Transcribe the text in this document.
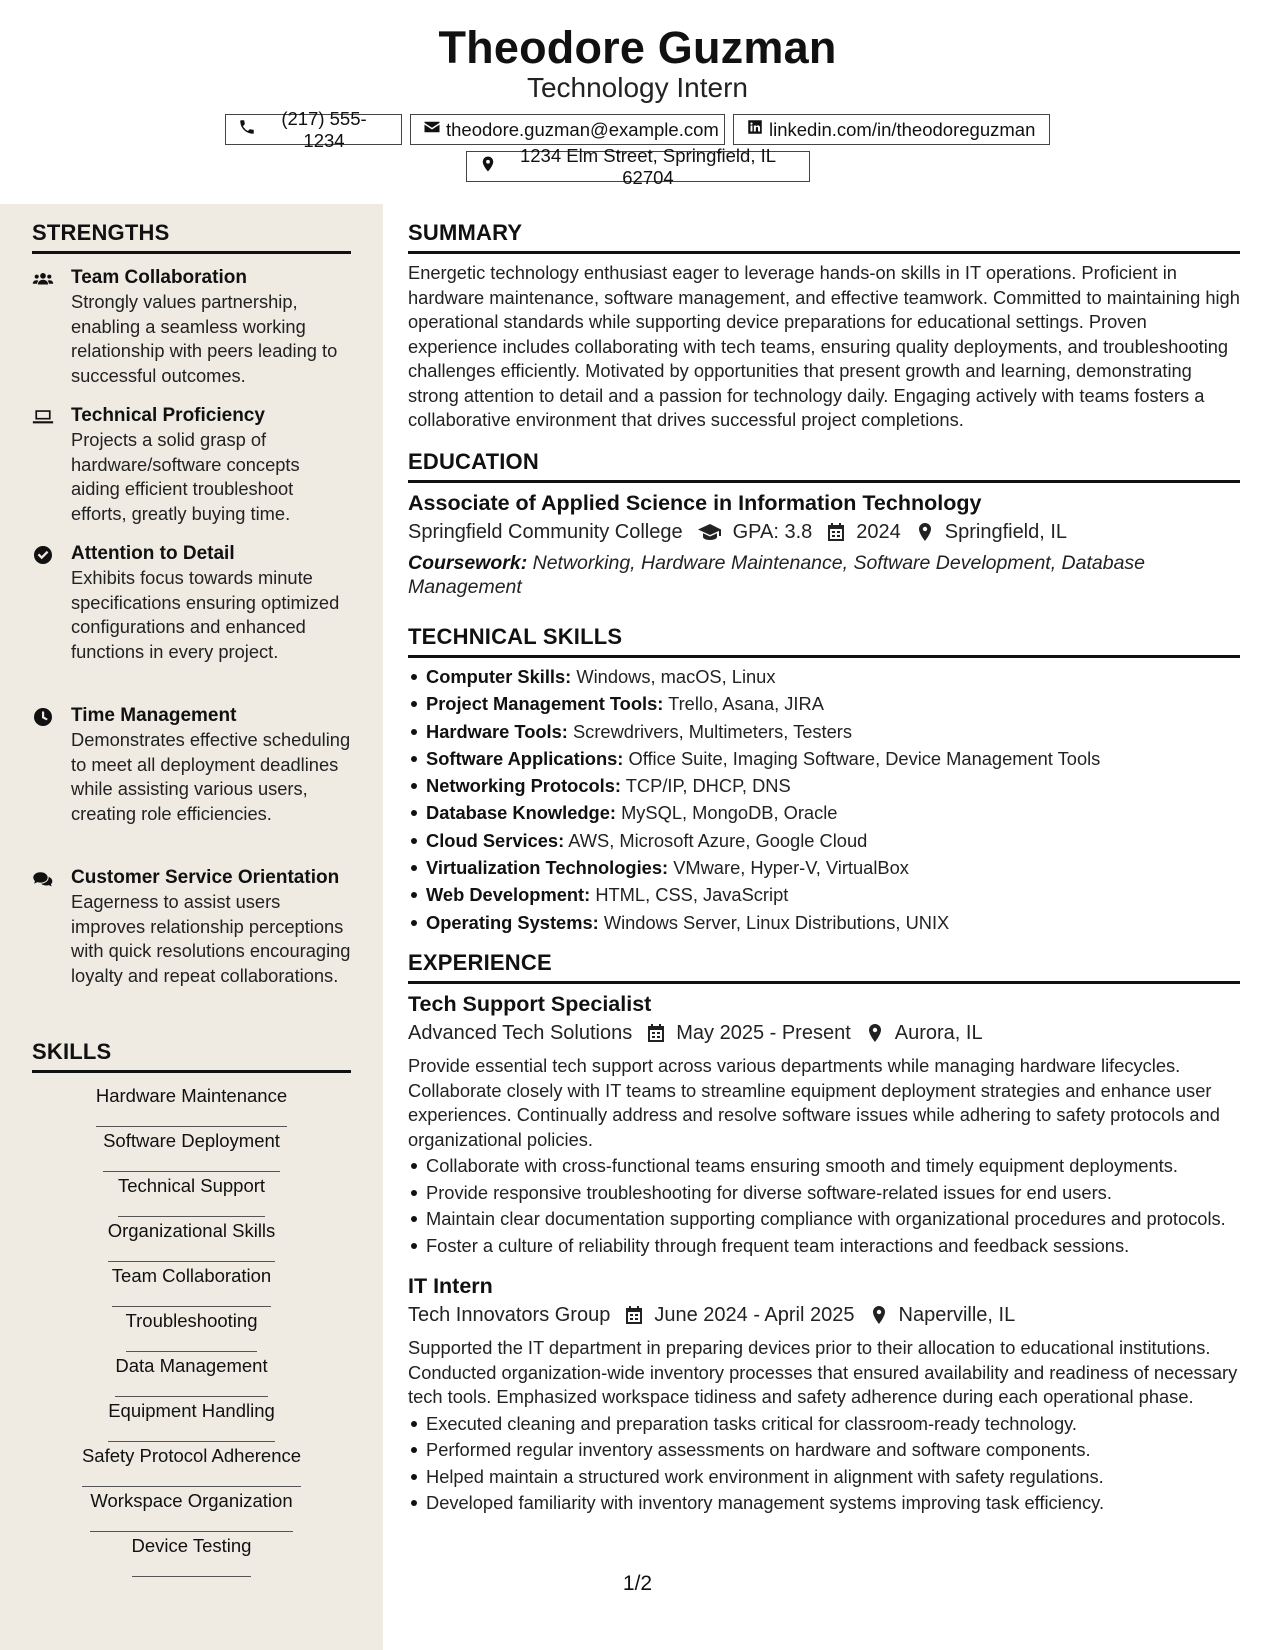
Theodore Guzman
Technology Intern
(217) 555-1234
theodore.guzman@example.com	linkedin.com/in/theodoreguzman
1234 Elm Street, Springfield, IL 62704
STRENGTHS
Team Collaboration
Strongly values partnership, enabling a seamless working relationship with peers leading to successful outcomes.
Technical Proficiency
Projects a solid grasp of hardware/software concepts aiding efficient troubleshoot efforts, greatly buying time.
Attention to Detail
Exhibits focus towards minute specifications ensuring optimized configurations and enhanced functions in every project.
Time Management
Demonstrates effective scheduling to meet all deployment deadlines while assisting various users, creating role efficiencies.
Customer Service Orientation
Eagerness to assist users improves relationship perceptions with quick resolutions encouraging loyalty and repeat collaborations.
SKILLS
Hardware Maintenance
Software Deployment
Technical Support
Organizational Skills
Team Collaboration
Troubleshooting
Data Management
Equipment Handling
Safety Protocol Adherence
Workspace Organization
Device Testing
SUMMARY
Energetic technology enthusiast eager to leverage hands-on skills in IT operations. Proficient in hardware maintenance, software management, and effective teamwork. Committed to maintaining high operational standards while supporting device preparations for educational settings. Proven experience includes collaborating with tech teams, ensuring quality deployments, and troubleshooting challenges efficiently. Motivated by opportunities that present growth and learning, demonstrating strong attention to detail and a passion for technology daily. Engaging actively with teams fosters a collaborative environment that drives successful project completions.
EDUCATION
Associate of Applied Science in Information Technology
Springfield Community College	GPA: 3.8 2024 Springfield, IL
Coursework: Networking, Hardware Maintenance, Software Development, Database Management
TECHNICAL SKILLS
Computer Skills: Windows, macOS, Linux
Project Management Tools: Trello, Asana, JIRA
Hardware Tools: Screwdrivers, Multimeters, Testers
Software Applications: Office Suite, Imaging Software, Device Management Tools
Networking Protocols: TCP/IP, DHCP, DNS
Database Knowledge: MySQL, MongoDB, Oracle
Cloud Services: AWS, Microsoft Azure, Google Cloud
Virtualization Technologies: VMware, Hyper-V, VirtualBox
Web Development: HTML, CSS, JavaScript
Operating Systems: Windows Server, Linux Distributions, UNIX
EXPERIENCE
Tech Support Specialist
Advanced Tech Solutions May 2025 - Present Aurora, IL
Provide essential tech support across various departments while managing hardware lifecycles. Collaborate closely with IT teams to streamline equipment deployment strategies and enhance user experiences. Continually address and resolve software issues while adhering to safety protocols and organizational policies.
Collaborate with cross-functional teams ensuring smooth and timely equipment deployments.
Provide responsive troubleshooting for diverse software-related issues for end users.
Maintain clear documentation supporting compliance with organizational procedures and protocols.
Foster a culture of reliability through frequent team interactions and feedback sessions.
IT Intern
Tech Innovators Group June 2024 - April 2025 Naperville, IL
Supported the IT department in preparing devices prior to their allocation to educational institutions. Conducted organization-wide inventory processes that ensured availability and readiness of necessary tech tools. Emphasized workspace tidiness and safety adherence during each operational phase.
Executed cleaning and preparation tasks critical for classroom-ready technology.
Performed regular inventory assessments on hardware and software components.
Helped maintain a structured work environment in alignment with safety regulations.
Developed familiarity with inventory management systems improving task efficiency.
1/2
